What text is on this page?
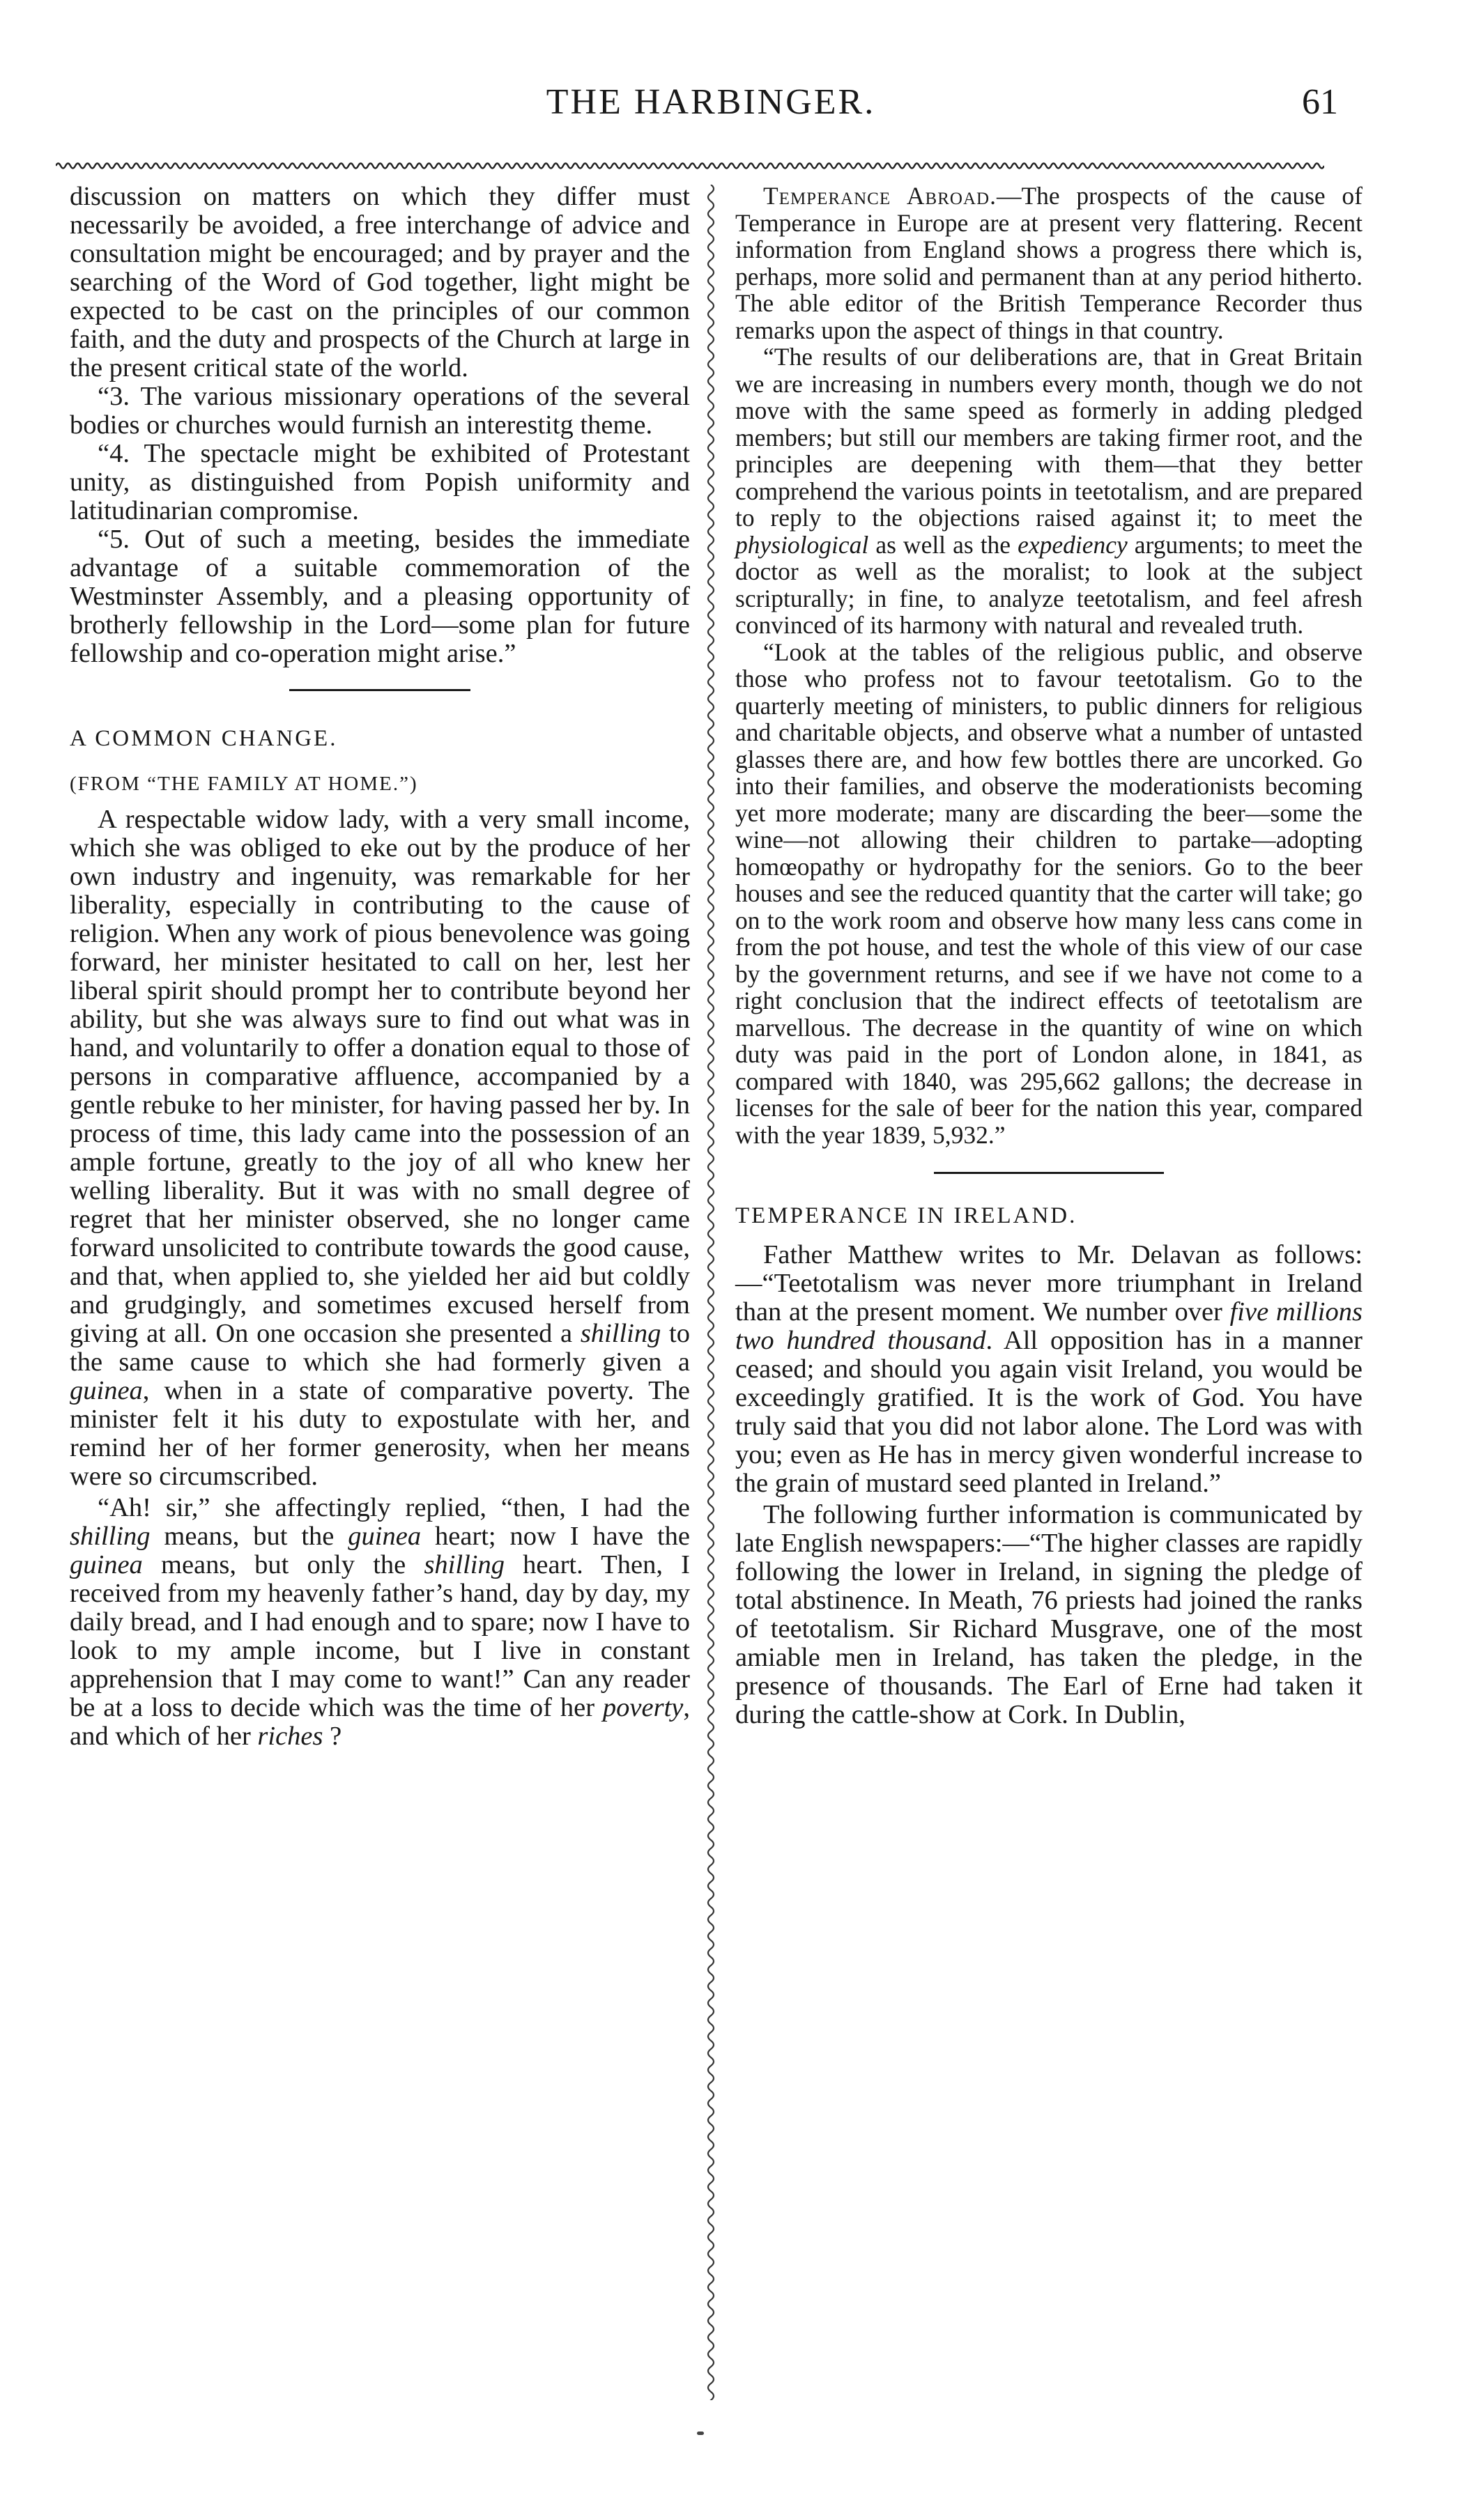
THE HARBINGER.	61

discussion on matters on which they differ must necessarily be avoided, a free interchange of advice and consultation might be encouraged; and by prayer and the searching of the Word of God together, light might be expected to be cast on the principles of our common faith, and the duty and prospects of the Church at large in the present critical state of the world.

“3. The various missionary operations of the several bodies or churches would furnish an interestitg theme.

“4. The spectacle might be exhibited of Protestant unity, as distinguished from Popish uniformity and latitudinarian compromise.

“5. Out of such a meeting, besides the immediate advantage of a suitable commemoration of the Westminster Assembly, and a pleasing opportunity of brotherly fellowship in the Lord—some plan for future fellowship and co-operation might arise.”

A COMMON CHANGE.

(FROM “THE FAMILY AT HOME.”)

A respectable widow lady, with a very small income, which she was obliged to eke out by the produce of her own industry and ingenuity, was remarkable for her liberality, especially in contributing to the cause of religion. When any work of pious benevolence was going forward, her minister hesitated to call on her, lest her liberal spirit should prompt her to contribute beyond her ability, but she was always sure to find out what was in hand, and voluntarily to offer a donation equal to those of persons in comparative affluence, accompanied by a gentle rebuke to her minister, for having passed her by. In process of time, this lady came into the possession of an ample fortune, greatly to the joy of all who knew her welling liberality. But it was with no small degree of regret that her minister observed, she no longer came forward unsolicited to contribute towards the good cause, and that, when applied to, she yielded her aid but coldly and grudgingly, and sometimes excused herself from giving at all. On one occasion she presented a shilling to the same cause to which she had formerly given a guinea, when in a state of comparative poverty. The minister felt it his duty to expostulate with her, and remind her of her former generosity, when her means were so circumscribed.

“Ah! sir,” she affectingly replied, “then, I had the shilling means, but the guinea heart; now I have the guinea means, but only the shilling heart. Then, I received from my heavenly father’s hand, day by day, my daily bread, and I had enough and to spare; now I have to look to my ample income, but I live in constant apprehension that I may come to want!” Can any reader be at a loss to decide which was the time of her poverty, and which of her riches ?

Temperance Abroad.—The prospects of the cause of Temperance in Europe are at present very flattering. Recent information from England shows a progress there which is, perhaps, more solid and permanent than at any period hitherto. The able editor of the British Temperance Recorder thus remarks upon the aspect of things in that country.

“The results of our deliberations are, that in Great Britain we are increasing in numbers every month, though we do not move with the same speed as formerly in adding pledged members; but still our members are taking firmer root, and the principles are deepening with them—that they better comprehend the various points in teetotalism, and are prepared to reply to the objections raised against it; to meet the physiological as well as the expediency arguments; to meet the doctor as well as the moralist; to look at the subject scripturally; in fine, to analyze teetotalism, and feel afresh convinced of its harmony with natural and revealed truth.

“Look at the tables of the religious public, and observe those who profess not to favour teetotalism. Go to the quarterly meeting of ministers, to public dinners for religious and charitable objects, and observe what a number of untasted glasses there are, and how few bottles there are uncorked. Go into their families, and observe the moderationists becoming yet more moderate; many are discarding the beer—some the wine—not allowing their children to partake—adopting homœopathy or hydropathy for the seniors. Go to the beer houses and see the reduced quantity that the carter will take; go on to the work room and observe how many less cans come in from the pot house, and test the whole of this view of our case by the government returns, and see if we have not come to a right conclusion that the indirect effects of teetotalism are marvellous. The decrease in the quantity of wine on which duty was paid in the port of London alone, in 1841, as compared with 1840, was 295,662 gallons; the decrease in licenses for the sale of beer for the nation this year, compared with the year 1839, 5,932.”

TEMPERANCE IN IRELAND.

Father Matthew writes to Mr. Delavan as follows:—“Teetotalism was never more triumphant in Ireland than at the present moment. We number over five millions two hundred thousand. All opposition has in a manner ceased; and should you again visit Ireland, you would be exceedingly gratified. It is the work of God. You have truly said that you did not labor alone. The Lord was with you; even as He has in mercy given wonderful increase to the grain of mustard seed planted in Ireland.”

The following further information is communicated by late English newspapers:—“The higher classes are rapidly following the lower in Ireland, in signing the pledge of total abstinence. In Meath, 76 priests had joined the ranks of teetotalism. Sir Richard Musgrave, one of the most amiable men in Ireland, has taken the pledge, in the presence of thousands. The Earl of Erne had taken it during the cattle-show at Cork. In Dublin,
